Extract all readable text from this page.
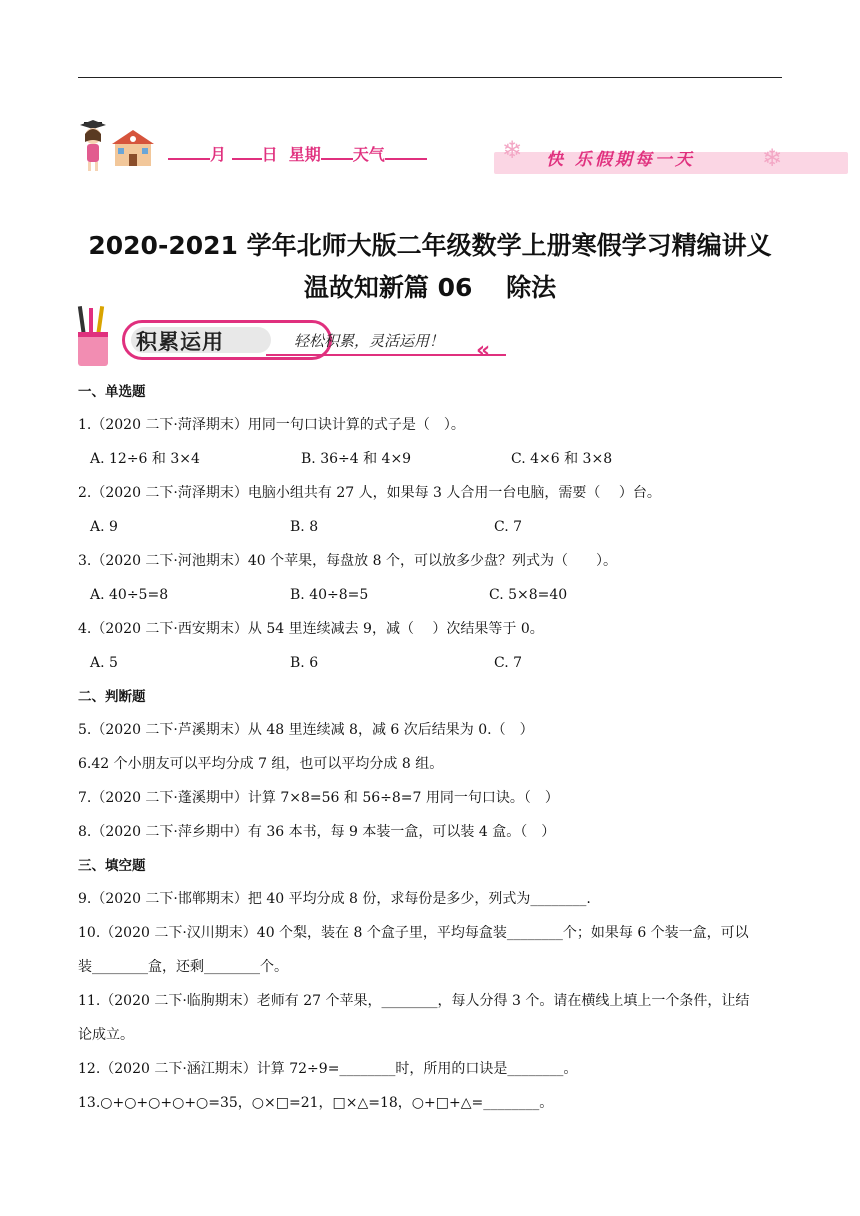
月 日 星期 天气	❄ 快 乐假期每一天	❄
2020-2021 学年北师大版二年级数学上册寒假学习精编讲义
温故知新篇 06　 除法
积累运用	轻松积累，灵活运用！ «
一、单选题
1.（2020 二下·菏泽期末）用同一句口诀计算的式子是（　）。
A. 12÷6 和 3×4	B. 36÷4 和 4×9	C. 4×6 和 3×8
2.（2020 二下·菏泽期末）电脑小组共有 27 人，如果每 3 人合用一台电脑，需要（　 ）台。
A. 9	B. 8	C. 7
3.（2020 二下·河池期末）40 个苹果，每盘放 8 个，可以放多少盘？列式为（　　）。
A. 40÷5=8	B. 40÷8=5	C. 5×8=40
4.（2020 二下·西安期末）从 54 里连续减去 9，减（　 ）次结果等于 0。
A. 5	B. 6	C. 7
二、判断题
5.（2020 二下·芦溪期末）从 48 里连续减 8，减 6 次后结果为 0.（　）
6.42 个小朋友可以平均分成 7 组，也可以平均分成 8 组。
7.（2020 二下·蓬溪期中）计算 7×8=56 和 56÷8=7 用同一句口诀。（　）
8.（2020 二下·萍乡期中）有 36 本书，每 9 本装一盒，可以装 4 盒。（　）
三、填空题
9.（2020 二下·邯郸期末）把 40 平均分成 8 份，求每份是多少，列式为________.
10.（2020 二下·汉川期末）40 个梨，装在 8 个盒子里，平均每盒装________个；如果每 6 个装一盒，可以
装________盒，还剩________个。
11.（2020 二下·临朐期末）老师有 27 个苹果，________，每人分得 3 个。请在横线上填上一个条件，让结
论成立。
12.（2020 二下·涵江期末）计算 72÷9=________时，所用的口诀是________。
13.○+○+○+○+○=35，○×□=21，□×△=18，○+□+△=________。
